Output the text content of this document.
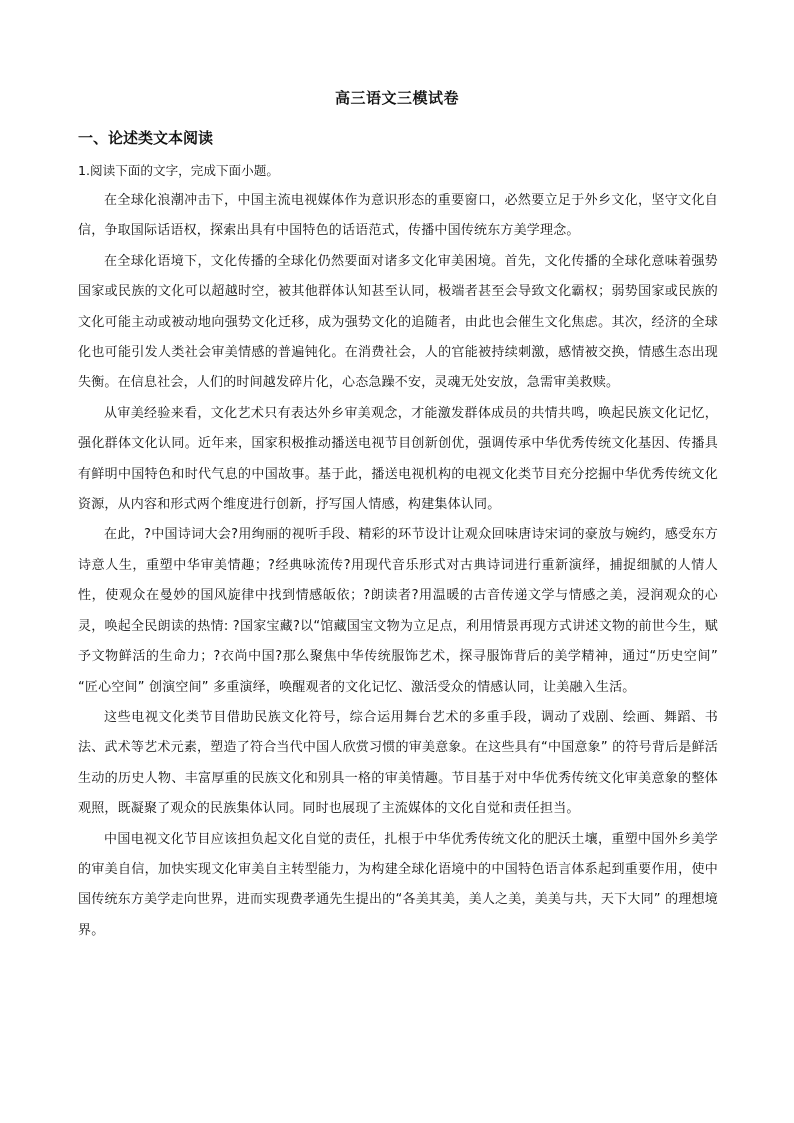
高三语文三模试卷
一、论述类文本阅读
1.阅读下面的文字，完成下面小题。

在全球化浪潮冲击下，中国主流电视媒体作为意识形态的重要窗口，必然要立足于外乡文化，坚守文化自信，争取国际话语权，探索出具有中国特色的话语范式，传播中国传统东方美学理念。

在全球化语境下，文化传播的全球化仍然要面对诸多文化审美困境。首先，文化传播的全球化意味着强势国家或民族的文化可以超越时空，被其他群体认知甚至认同，极端者甚至会导致文化霸权；弱势国家或民族的文化可能主动或被动地向强势文化迁移，成为强势文化的追随者，由此也会催生文化焦虑。其次，经济的全球化也可能引发人类社会审美情感的普遍钝化。在消费社会，人的官能被持续刺激，感情被交换，情感生态出现失衡。在信息社会，人们的时间越发碎片化，心态急躁不安，灵魂无处安放，急需审美救赎。

从审美经验来看，文化艺术只有表达外乡审美观念，才能激发群体成员的共情共鸣，唤起民族文化记忆，强化群体文化认同。近年来，国家积极推动播送电视节目创新创优，强调传承中华优秀传统文化基因、传播具有鲜明中国特色和时代气息的中国故事。基于此，播送电视机构的电视文化类节目充分挖掘中华优秀传统文化资源，从内容和形式两个维度进行创新，抒写国人情感，构建集体认同。

在此，?中国诗词大会?用绚丽的视听手段、精彩的环节设计让观众回味唐诗宋词的豪放与婉约，感受东方诗意人生，重塑中华审美情趣；?经典咏流传?用现代音乐形式对古典诗词进行重新演绎，捕捉细腻的人情人性，使观众在曼妙的国风旋律中找到情感皈依；?朗读者?用温暖的古音传递文学与情感之美，浸润观众的心灵，唤起全民朗读的热情: ?国家宝藏?以“馆藏国宝文物为立足点，利用情景再现方式讲述文物的前世今生，赋予文物鲜活的生命力；?衣尚中国?那么聚焦中华传统服饰艺术，探寻服饰背后的美学精神，通过“历史空间” “匠心空间” 创演空间” 多重演绎，唤醒观者的文化记忆、激活受众的情感认同，让美融入生活。

这些电视文化类节目借助民族文化符号，综合运用舞台艺术的多重手段，调动了戏剧、绘画、舞蹈、书法、武术等艺术元素，塑造了符合当代中国人欣赏习惯的审美意象。在这些具有“中国意象” 的符号背后是鲜活生动的历史人物、丰富厚重的民族文化和别具一格的审美情趣。节目基于对中华优秀传统文化审美意象的整体观照，既凝聚了观众的民族集体认同。同时也展现了主流媒体的文化自觉和责任担当。

中国电视文化节目应该担负起文化自觉的责任，扎根于中华优秀传统文化的肥沃土壤，重塑中国外乡美学的审美自信，加快实现文化审美自主转型能力，为构建全球化语境中的中国特色语言体系起到重要作用，使中国传统东方美学走向世界，进而实现费孝通先生提出的“各美其美，美人之美，美美与共，天下大同” 的理想境界。
